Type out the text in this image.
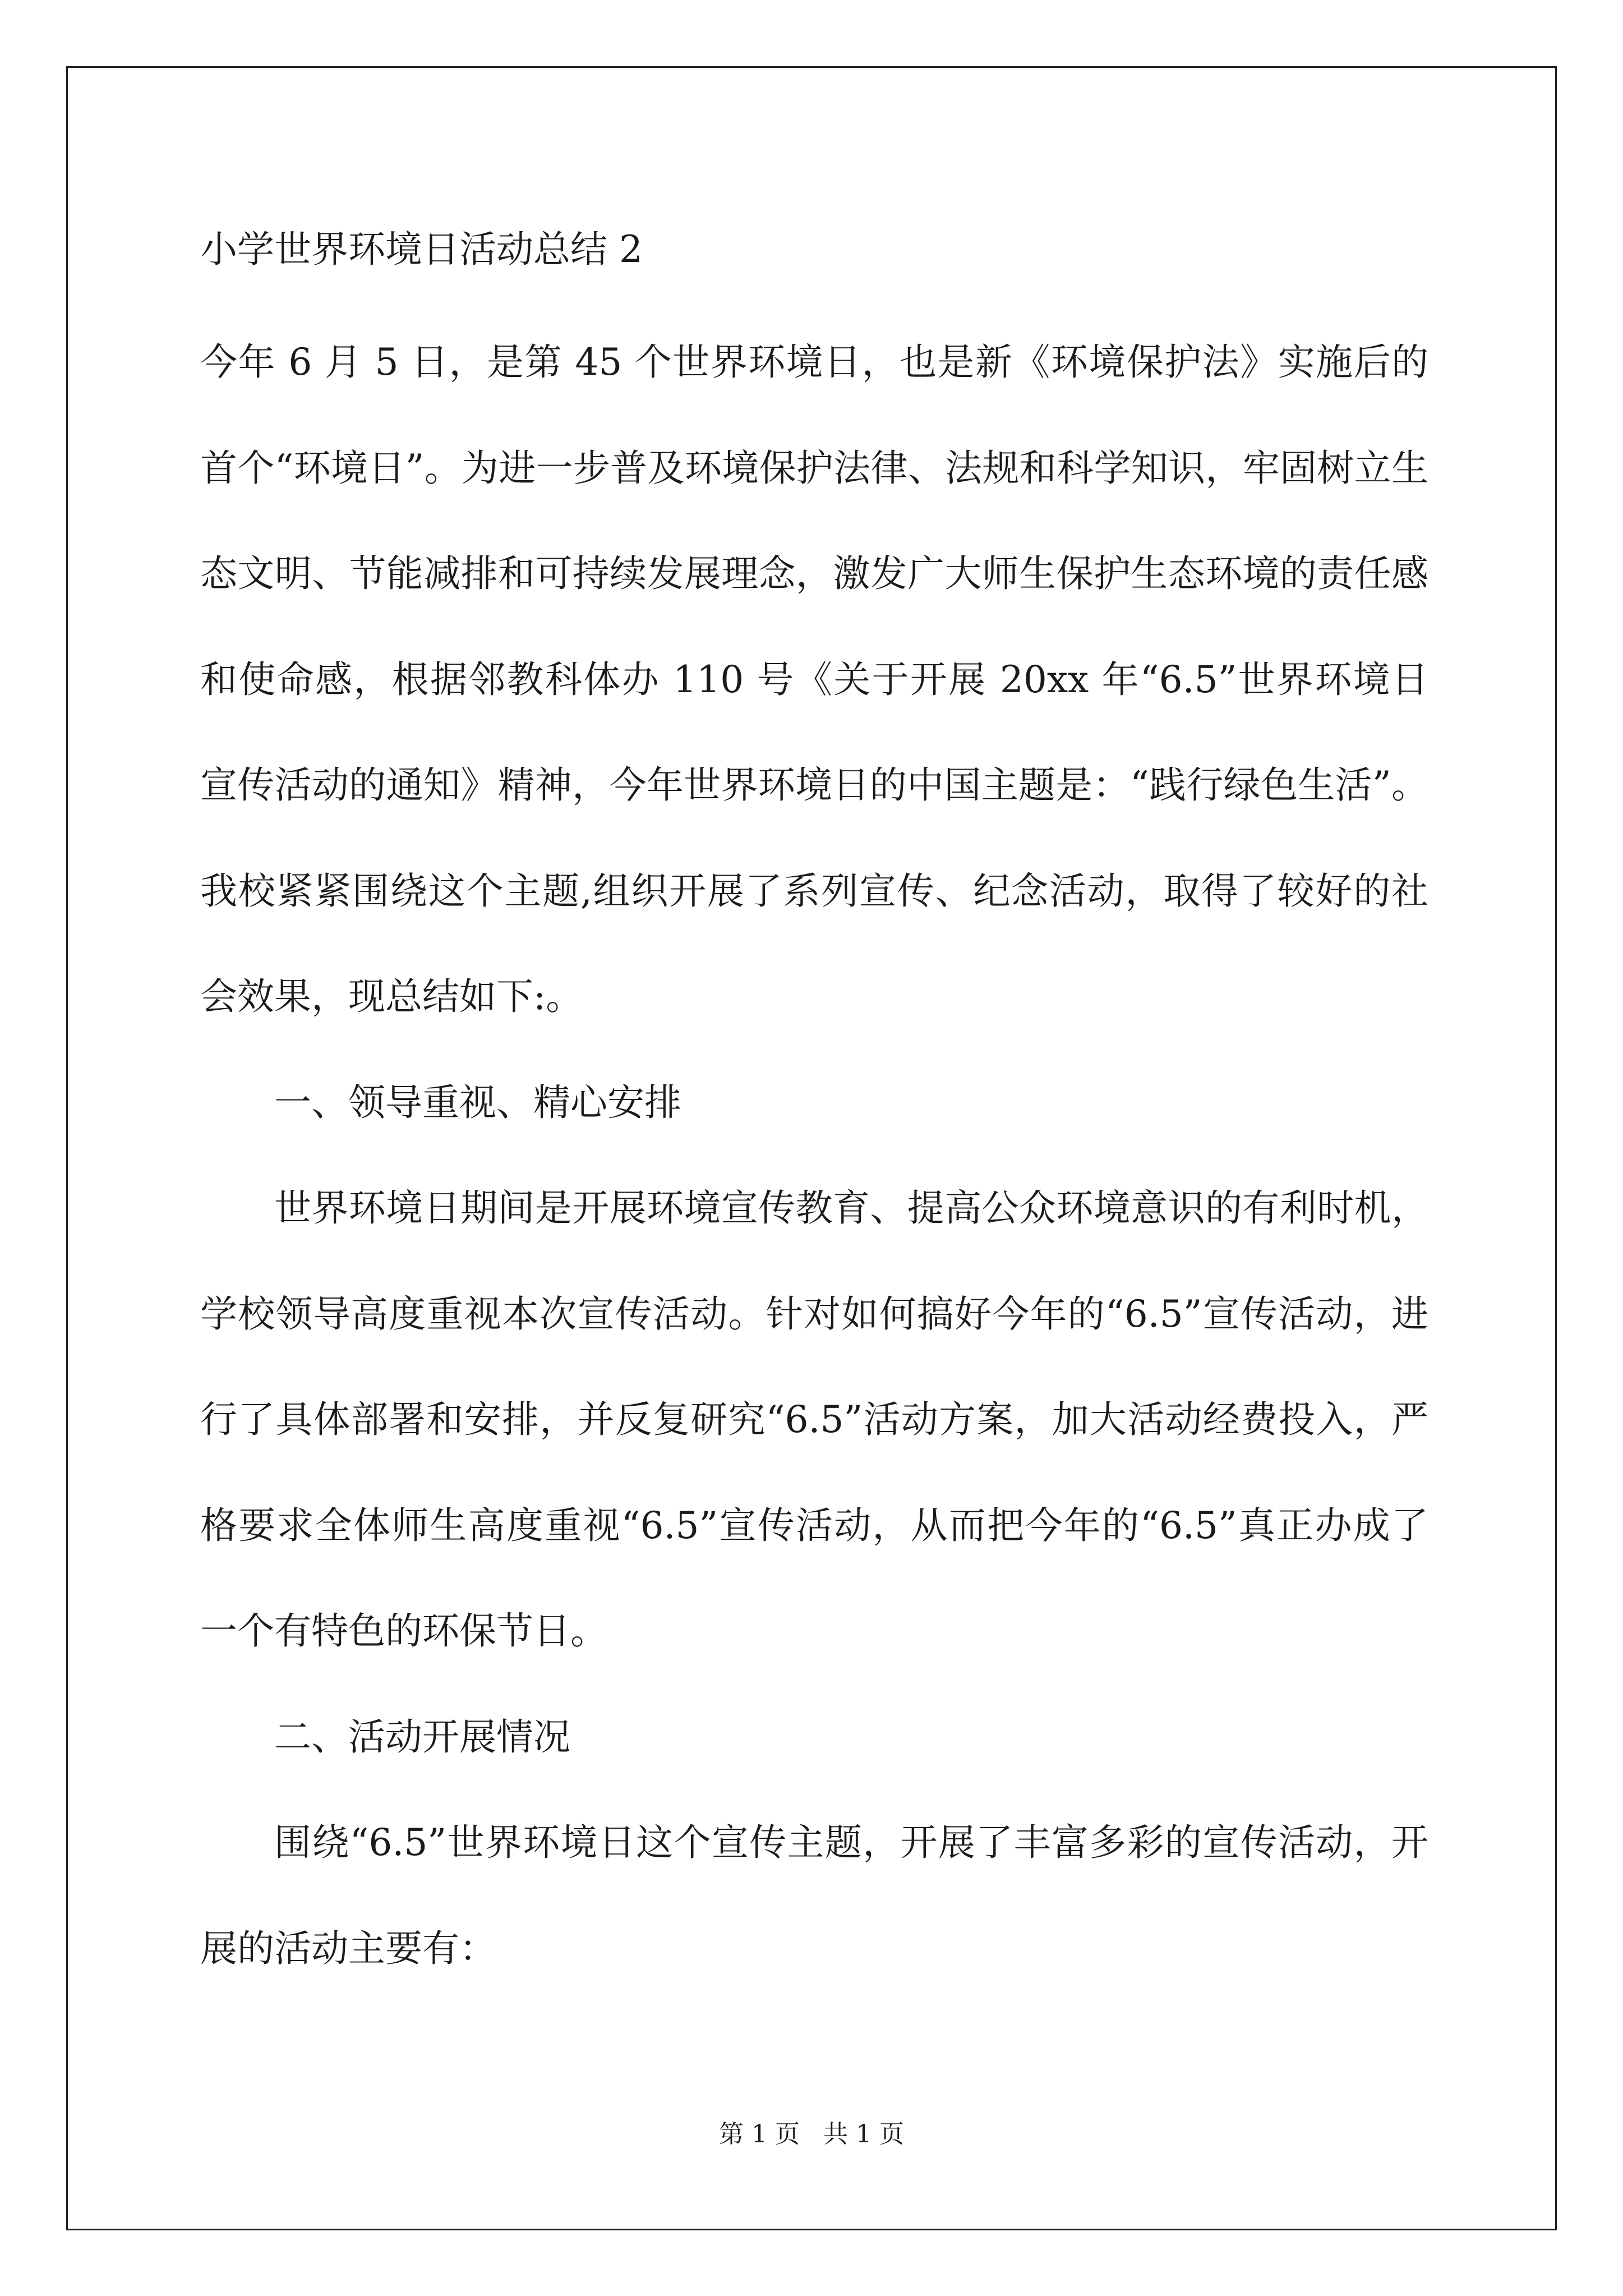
小学世界环境日活动总结 2

今年 6 月 5 日，是第 45 个世界环境日，也是新《环境保护法》实施后的首个“环境日”。为进一步普及环境保护法律、法规和科学知识，牢固树立生态文明、节能减排和可持续发展理念，激发广大师生保护生态环境的责任感和使命感，根据邻教科体办 110 号《关于开展 20xx 年“6.5”世界环境日宣传活动的通知》精神，今年世界环境日的中国主题是：“践行绿色生活”。我校紧紧围绕这个主题,组织开展了系列宣传、纪念活动，取得了较好的社会效果，现总结如下:。

一、领导重视、精心安排

世界环境日期间是开展环境宣传教育、提高公众环境意识的有利时机，学校领导高度重视本次宣传活动。针对如何搞好今年的“6.5”宣传活动，进行了具体部署和安排，并反复研究“6.5”活动方案，加大活动经费投入，严格要求全体师生高度重视“6.5”宣传活动，从而把今年的“6.5”真正办成了一个有特色的环保节日。

二、活动开展情况

围绕“6.5”世界环境日这个宣传主题，开展了丰富多彩的宣传活动，开展的活动主要有：

第 1 页   共 1 页
